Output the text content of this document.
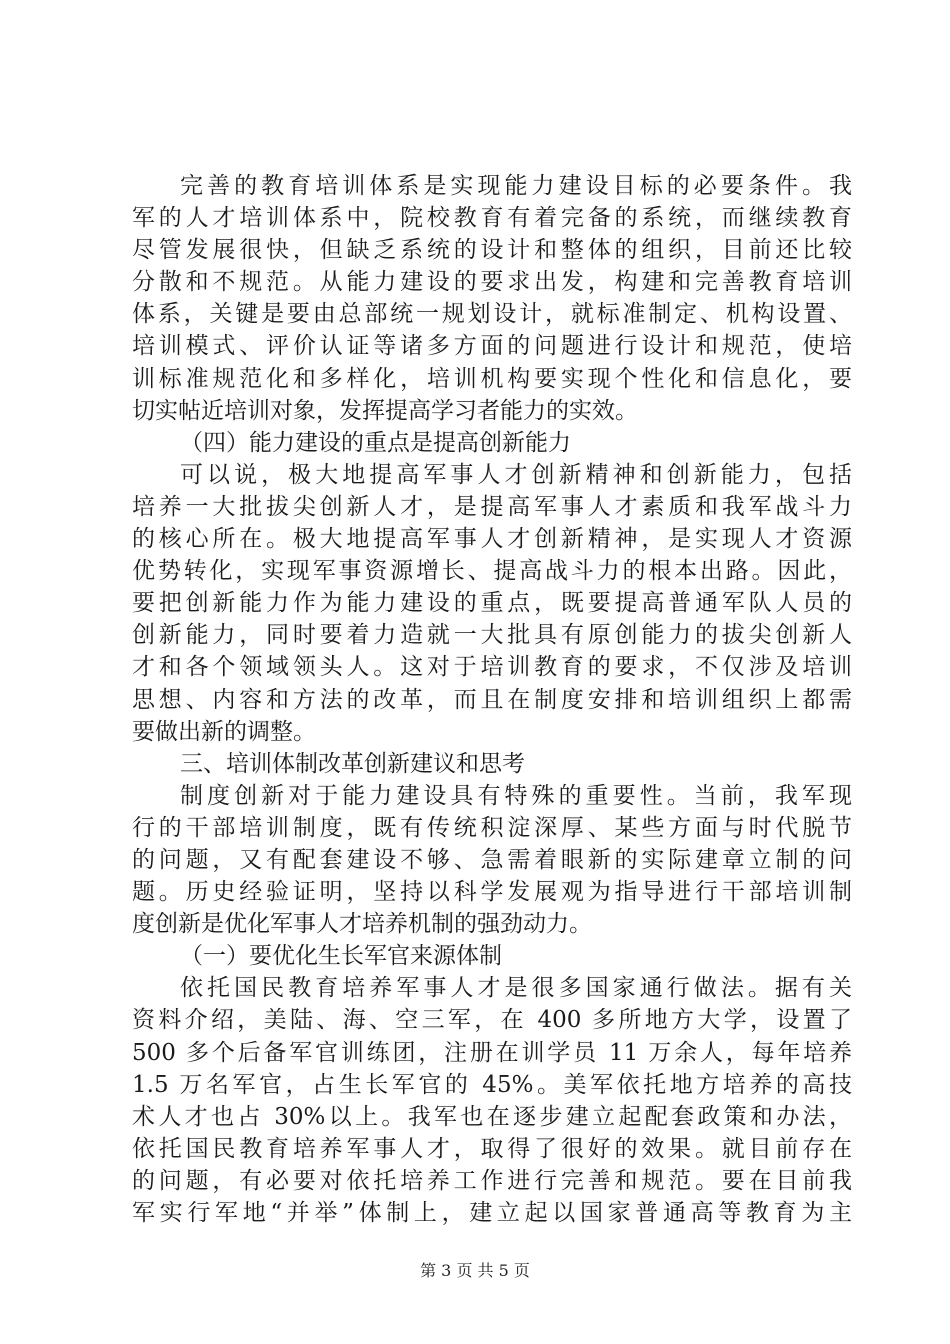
完善的教育培训体系是实现能力建设目标的必要条件。我
军的人才培训体系中，院校教育有着完备的系统，而继续教育
尽管发展很快，但缺乏系统的设计和整体的组织，目前还比较
分散和不规范。从能力建设的要求出发，构建和完善教育培训
体系，关键是要由总部统一规划设计，就标准制定、机构设置、
培训模式、评价认证等诸多方面的问题进行设计和规范，使培
训标准规范化和多样化，培训机构要实现个性化和信息化，要
切实帖近培训对象，发挥提高学习者能力的实效。
（四）能力建设的重点是提高创新能力
可以说，极大地提高军事人才创新精神和创新能力，包括
培养一大批拔尖创新人才，是提高军事人才素质和我军战斗力
的核心所在。极大地提高军事人才创新精神，是实现人才资源
优势转化，实现军事资源增长、提高战斗力的根本出路。因此，
要把创新能力作为能力建设的重点，既要提高普通军队人员的
创新能力，同时要着力造就一大批具有原创能力的拔尖创新人
才和各个领域领头人。这对于培训教育的要求，不仅涉及培训
思想、内容和方法的改革，而且在制度安排和培训组织上都需
要做出新的调整。
三、培训体制改革创新建议和思考
制度创新对于能力建设具有特殊的重要性。当前，我军现
行的干部培训制度，既有传统积淀深厚、某些方面与时代脱节
的问题，又有配套建设不够、急需着眼新的实际建章立制的问
题。历史经验证明，坚持以科学发展观为指导进行干部培训制
度创新是优化军事人才培养机制的强劲动力。
（一）要优化生长军官来源体制
依托国民教育培养军事人才是很多国家通行做法。据有关
资料介绍，美陆、海、空三军，在 400 多所地方大学，设置了
500 多个后备军官训练团，注册在训学员 11 万余人，每年培养
1.5 万名军官，占生长军官的 45%。美军依托地方培养的高技
术人才也占 30%以上。我军也在逐步建立起配套政策和办法，
依托国民教育培养军事人才，取得了很好的效果。就目前存在
的问题，有必要对依托培养工作进行完善和规范。要在目前我
军实行军地“并举”体制上，建立起以国家普通高等教育为主
第 3 页 共 5 页
